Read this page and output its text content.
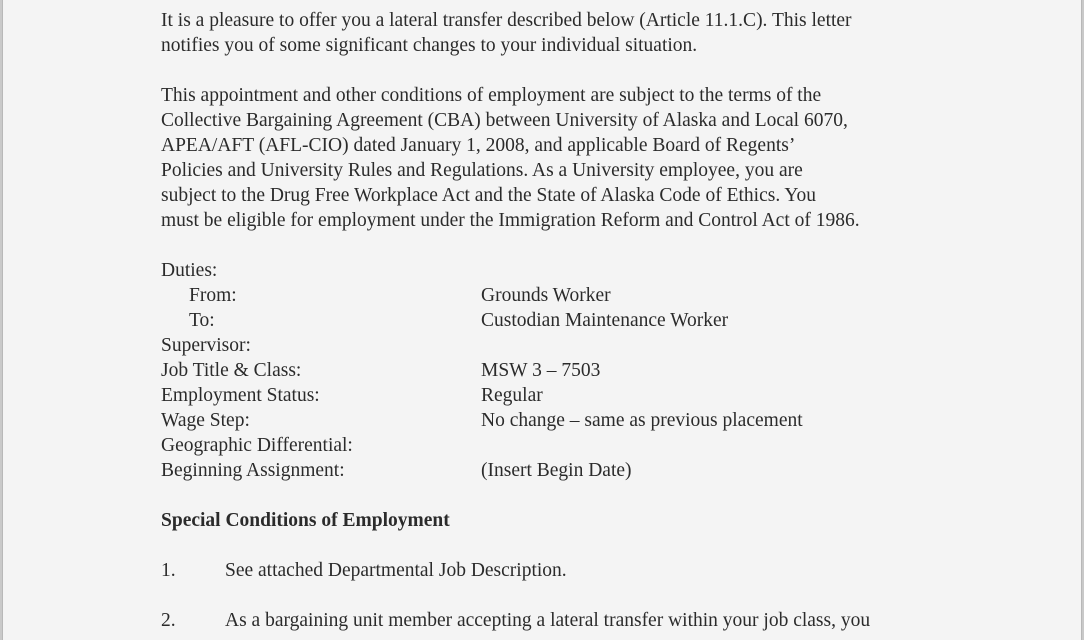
It is a pleasure to offer you a lateral transfer described below (Article 11.1.C). This letter
notifies you of some significant changes to your individual situation.
This appointment and other conditions of employment are subject to the terms of the
Collective Bargaining Agreement (CBA) between University of Alaska and Local 6070,
APEA/AFT (AFL-CIO) dated January 1, 2008, and applicable Board of Regents’
Policies and University Rules and Regulations. As a University employee, you are
subject to the Drug Free Workplace Act and the State of Alaska Code of Ethics. You
must be eligible for employment under the Immigration Reform and Control Act of 1986.
Duties:
From:	Grounds Worker
To:	Custodian Maintenance Worker
Supervisor:
Job Title & Class:	MSW 3 – 7503
Employment Status:	Regular
Wage Step:	No change – same as previous placement
Geographic Differential:
Beginning Assignment:	(Insert Begin Date)
Special Conditions of Employment
1.	See attached Departmental Job Description.
2.	As a bargaining unit member accepting a lateral transfer within your job class, you
